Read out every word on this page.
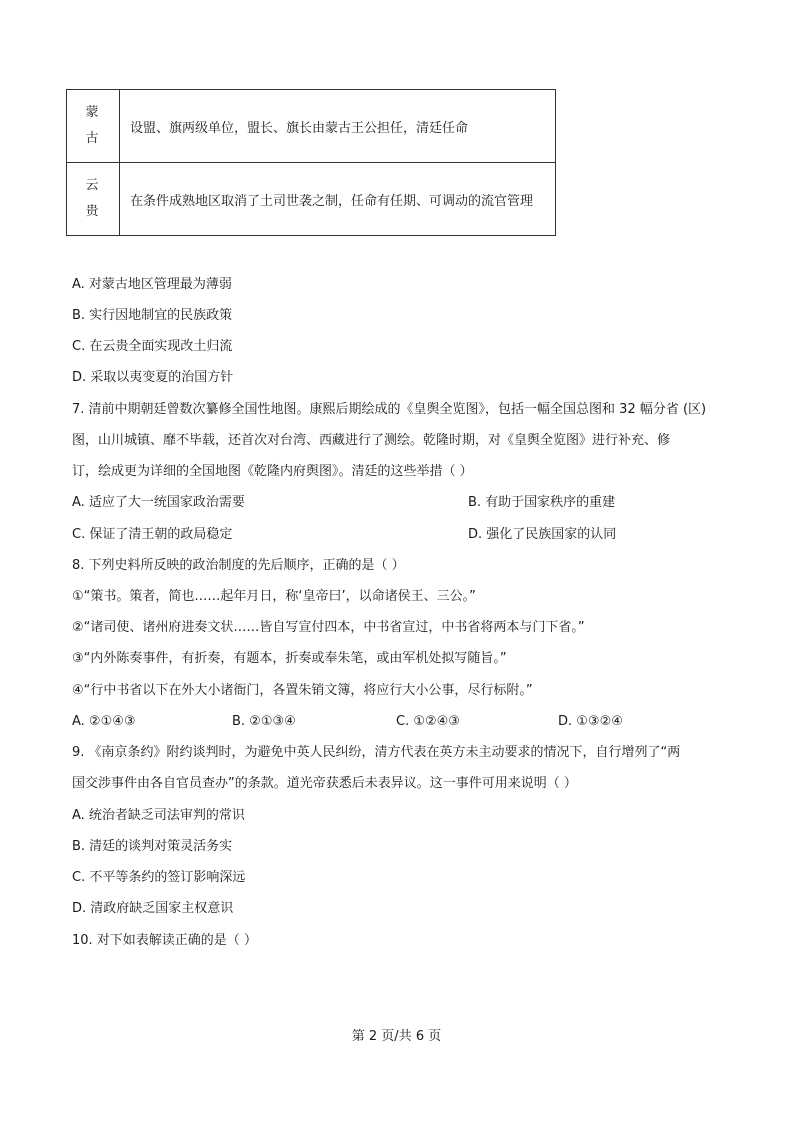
蒙
古	设盟、旗两级单位，盟长、旗长由蒙古王公担任，清廷任命

云
贵	在条件成熟地区取消了土司世袭之制，任命有任期、可调动的流官管理
A. 对蒙古地区管理最为薄弱
B. 实行因地制宜的民族政策
C. 在云贵全面实现改土归流
D. 采取以夷变夏的治国方针
7. 清前中期朝廷曾数次纂修全国性地图。康熙后期绘成的《皇舆全览图》，包括一幅全国总图和 32 幅分省 (区)
图，山川城镇、靡不毕载，还首次对台湾、西藏进行了测绘。乾隆时期，对《皇舆全览图》进行补充、修
订，绘成更为详细的全国地图《乾隆内府舆图》。清廷的这些举措（ ）
A. 适应了大一统国家政治需要	B. 有助于国家秩序的重建
C. 保证了清王朝的政局稳定	D. 强化了民族国家的认同
8. 下列史料所反映的政治制度的先后顺序，正确的是（ ）
①“策书。策者，简也……起年月日，称‘皇帝曰’，以命诸侯王、三公。”
②“诸司使、诸州府进奏文状……皆自写宣付四本，中书省宣过，中书省将两本与门下省。”
③“内外陈奏事件，有折奏，有题本，折奏或奉朱笔，或由军机处拟写随旨。”
④“行中书省以下在外大小诸衙门，各置朱销文簿，将应行大小公事，尽行标附。”
A. ②①④③	B. ②①③④	C. ①②④③	D. ①③②④
9. 《南京条约》附约谈判时，为避免中英人民纠纷，清方代表在英方未主动要求的情况下，自行增列了“两
国交涉事件由各自官员查办”的条款。道光帝获悉后未表异议。这一事件可用来说明（ ）
A. 统治者缺乏司法审判的常识
B. 清廷的谈判对策灵活务实
C. 不平等条约的签订影响深远
D. 清政府缺乏国家主权意识
10. 对下如表解读正确的是（ ）
第 2 页/共 6 页
